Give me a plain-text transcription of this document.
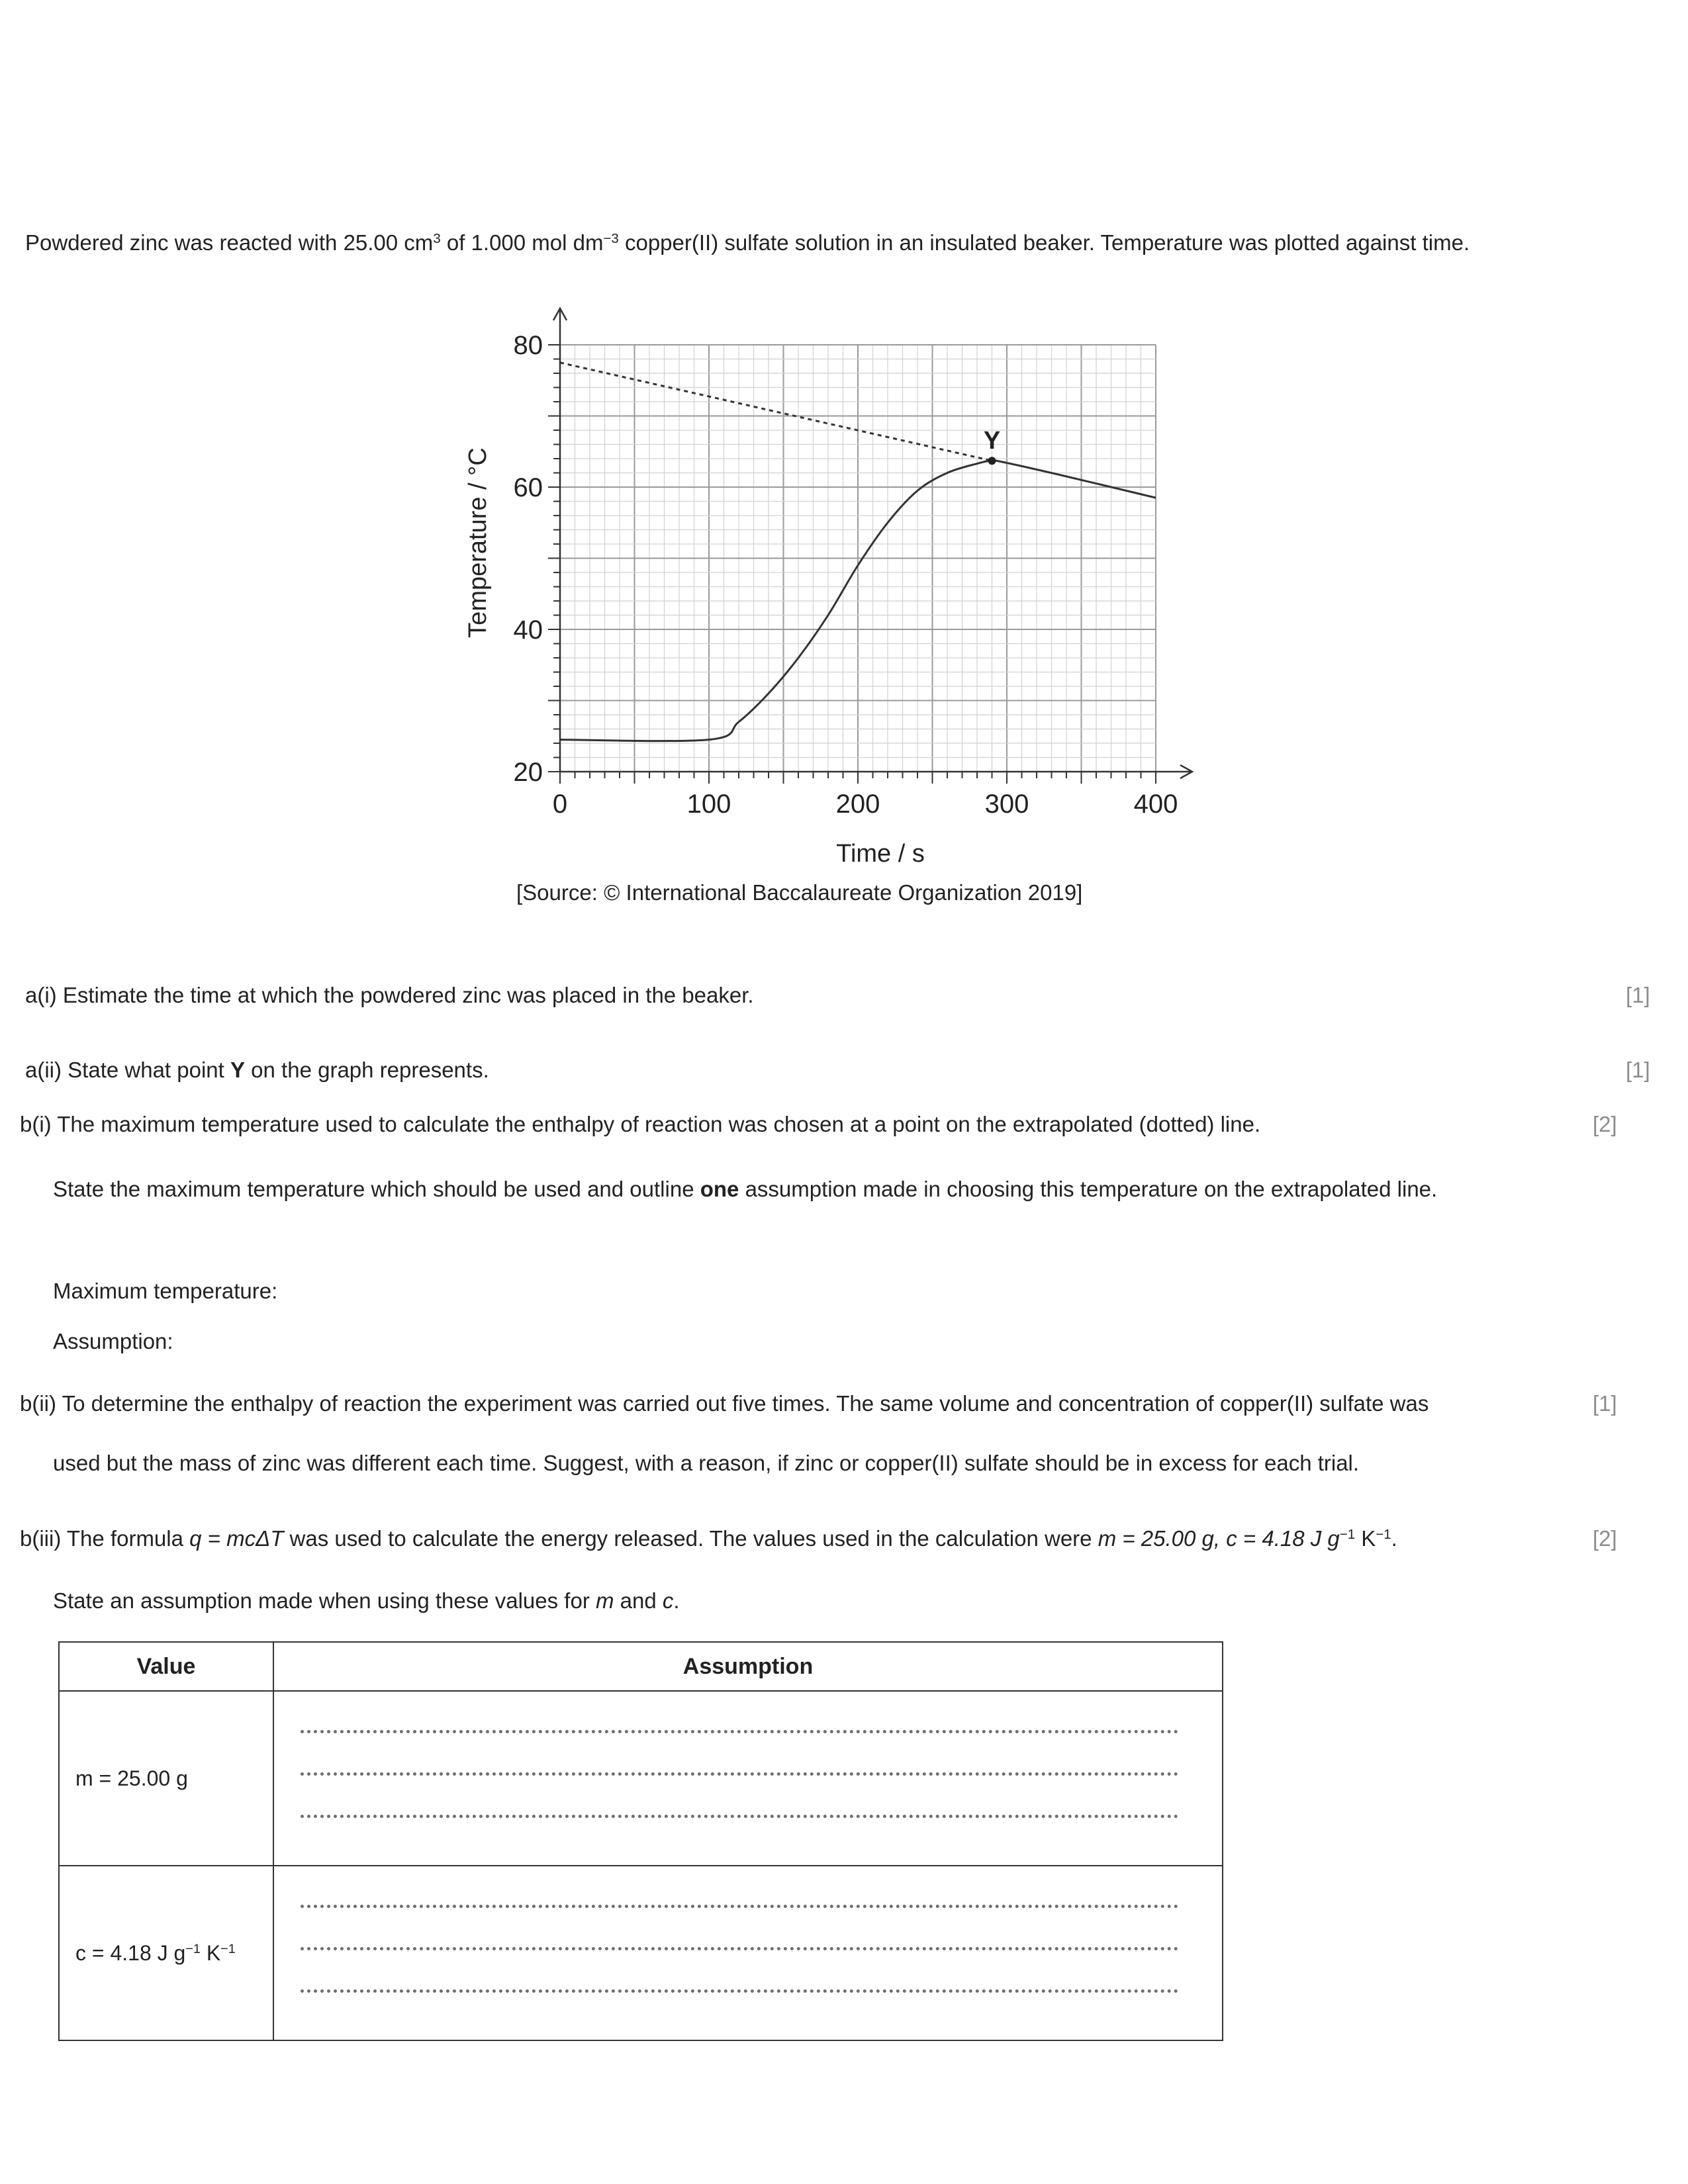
Powdered zinc was reacted with 25.00 $cm^3$ of 1.000 mol $dm^{-3}$ copper(II) sulfate solution in an insulated beaker. Temperature was plotted against time.
0	100	200	300	400
20
40
60
80
Y
Time / s
Temperature / °C
[Source: © International Baccalaureate Organization 2019]
a(i) Estimate the time at which the powdered zinc was placed in the beaker.	[1]
a(ii) State what point Y on the graph represents.	[1]
b(i) The maximum temperature used to calculate the enthalpy of reaction was chosen at a point on the extrapolated (dotted) line.	[2]
State the maximum temperature which should be used and outline one assumption made in choosing this temperature on the extrapolated line.
Maximum temperature:
Assumption:
b(ii) To determine the enthalpy of reaction the experiment was carried out five times. The same volume and concentration of copper(II) sulfate was	[1]
used but the mass of zinc was different each time. Suggest, with a reason, if zinc or copper(II) sulfate should be in excess for each trial.
b(iii) The formula q = mcΔT was used to calculate the energy released. The values used in the calculation were m = 25.00 g, c = 4.18 J $g^{-1}$ $K^{-1}$.	[2]
State an assumption made when using these values for m and c.
Value	Assumption
m = 25.00 g	

c = 4.18 J $g^{-1}$ $K^{-1}$	
